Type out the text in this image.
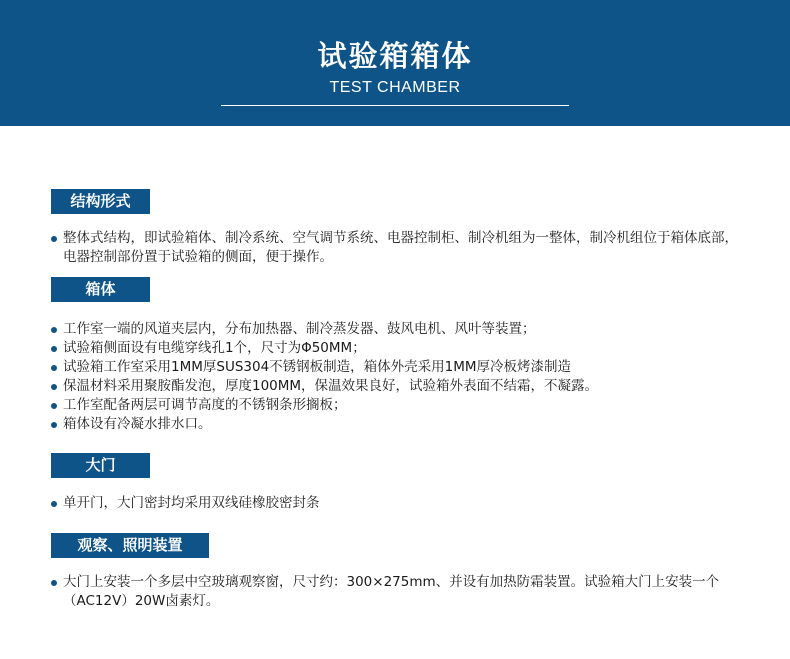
试验箱箱体
TEST CHAMBER
结构形式
整体式结构，即试验箱体、制冷系统、空气调节系统、电器控制柜、制冷机组为一整体，制冷机组位于箱体底部，电器控制部份置于试验箱的侧面，便于操作。
箱体
工作室一端的风道夹层内，分布加热器、制冷蒸发器、鼓风电机、风叶等装置；
试验箱侧面设有电缆穿线孔1个，尺寸为Φ50MM；
试验箱工作室采用1MM厚SUS304不锈钢板制造，箱体外壳采用1MM厚冷板烤漆制造
保温材料采用聚胺酯发泡，厚度100MM，保温效果良好，试验箱外表面不结霜，不凝露。
工作室配备两层可调节高度的不锈钢条形搁板；
箱体设有冷凝水排水口。
大门
单开门，大门密封均采用双线硅橡胶密封条
观察、照明装置
大门上安装一个多层中空玻璃观察窗，尺寸约：300×275mm、并设有加热防霜装置。试验箱大门上安装一个（AC12V）20W卤素灯。
